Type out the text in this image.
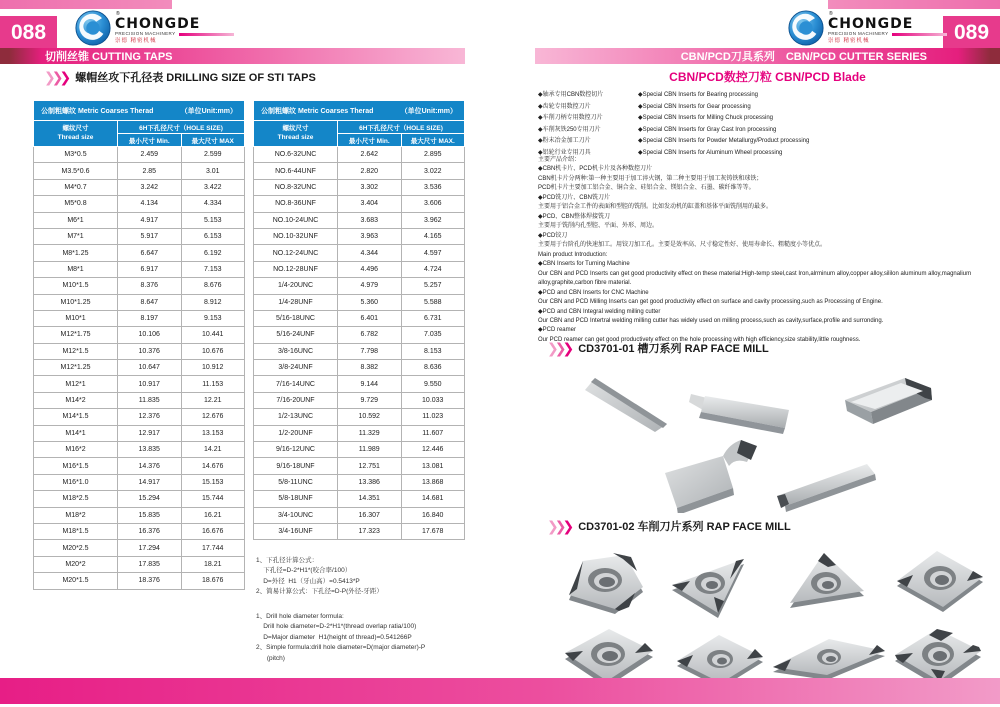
088	089
®
CHONGDE
PRECISION MACHINERY
崇德 精密机械
®
CHONGDE
PRECISION MACHINERY
崇德 精密机械
切削丝锥 CUTTING TAPS	CBN/PCD刀具系列　CBN/PCD CUTTER SERIES
❯❯❯ 螺帽丝攻下孔径表 DRILLING SIZE OF STI TAPS
公制粗螺纹 Metric Coarses Therad （单位Unit:mm）		

螺纹尺寸
Thread size	6H下孔径尺寸（HOLE SIZE)	
	最小尺寸 Min.	最大尺寸 MAX
M3*0.5	2.459	2.599
M3.5*0.6	2.85	3.01
M4*0.7	3.242	3.422
M5*0.8	4.134	4.334
M6*1	4.917	5.153
M7*1	5.917	6.153
M8*1.25	6.647	6.192
M8*1	6.917	7.153
M10*1.5	8.376	8.676
M10*1.25	8.647	8.912
M10*1	8.197	9.153
M12*1.75	10.106	10.441
M12*1.5	10.376	10.676
M12*1.25	10.647	10.912
M12*1	10.917	11.153
M14*2	11.835	12.21
M14*1.5	12.376	12.676
M14*1	12.917	13.153
M16*2	13.835	14.21
M16*1.5	14.376	14.676
M16*1.0	14.917	15.153
M18*2.5	15.294	15.744
M18*2	15.835	16.21
M18*1.5	16.376	16.676
M20*2.5	17.294	17.744
M20*2	17.835	18.21
M20*1.5	18.376	18.676
公制粗螺纹 Metric Coarses Therad （单位Unit:mm）		

螺纹尺寸
Thread size	6H下孔径尺寸（HOLE SIZE)	
	最小尺寸 Min.	最大尺寸 MAX.
NO.6-32UNC	2.642	2.895
NO.6-44UNF	2.820	3.022
NO.8-32UNC	3.302	3.536
NO.8-36UNF	3.404	3.606
NO.10-24UNC	3.683	3.962
NO.10-32UNF	3.963	4.165
NO.12-24UNC	4.344	4.597
NO.12-28UNF	4.496	4.724
1/4-20UNC	4.979	5.257
1/4-28UNF	5.360	5.588
5/16-18UNC	6.401	6.731
5/16-24UNF	6.782	7.035
3/8-16UNC	7.798	8.153
3/8-24UNF	8.382	8.636
7/16-14UNC	9.144	9.550
7/16-20UNF	9.729	10.033
1/2-13UNC	10.592	11.023
1/2-20UNF	11.329	11.607
9/16-12UNC	11.989	12.446
9/16-18UNF	12.751	13.081
5/8-11UNC	13.386	13.868
5/8-18UNF	14.351	14.681
3/4-10UNC	16.307	16.840
3/4-16UNF	17.323	17.678
1、下孔径计算公式：
下孔径=D-2*H1*(咬合率/100）
D=外径  H1（牙山高）=0.5413*P
2、简易计算公式：下孔径=D-P(外径-牙距）
1、Drill hole diameter formula:
Drill hole diameter=D-2*H1*(thread overlap ratia/100)
D=Major diameter  H1(height of thread)=0.541266P
2、Simple formula:drill hole diameter=D(major diameter)-P
(pitch)
CBN/PCD数控刀粒 CBN/PCD Blade
◆轴承专用CBN数控切片
◆齿轮专用数控刀片
◆车削刀柄专用数控刀片
◆车削灰铁250专用刀片
◆粉末冶金加工刀片
◆铝轮行业专用刀具
◆Special CBN Inserts for Bearing processing
◆Special CBN Inserts for Gear processing
◆Special CBN Inserts for Milling Chuck processing
◆Special CBN Inserts for Gray Cast Iron processing
◆Special CBN Inserts for Powder Metallurgy/Product processing
◆Special CBN Inserts for Aluminum Wheel processing
主要产品介绍：
◆CBN机卡片、PCD机卡片及各种数控刀片
CBN机卡片分两种:第一种主要用于加工淬火钢，第二种主要用于加工灰铸铁和球铁；
PCD机卡片主要加工铝合金、铜合金、硅铝合金、镁铝合金、石墨、碳纤维等等。
◆PCD铣刀片、CBN铣刀片
主要用于铝合金工件的表面和型腔的铣削。比如发动机的缸盖和基体平面铣削用的最多。
◆PCD、CBN整体焊接铣刀
主要用于铣削内孔型腔、平面、外形、周边。
◆PCD铰刀
主要用于台阶孔的快速加工。用铰刀加工孔。主要是效率高、尺寸稳定性好、使用寿命长、粗糙度小等优点。
Main product Introduction:
◆CBN Inserts for Turning Machine
Our CBN and PCD Inserts can get good productivity effect on these material:High-temp steel,cast Iron,alrminum alloy,copper alloy,sililon aluminum alloy,magnalium alloy,graphite,carbon fibre material.
◆PCD and CBN Inserts for CNC Machine
Our CBN and PCD Milling Inserts can get good productivity effect on surface and cavity processing,such as Processing of Engine.
◆PCD and CBN Integral welding milling cutter
Our CBN and PCD Intertral welding milling cutter has widely used on milling process,such as cavity,surface,profile and surronding.
◆PCD reamer
Our PCD reamer can get good productivety effect on the hole processing with high efficiency,size stability,little roughness.
❯❯❯ CD3701-01 槽刀系列 RAP FACE MILL
❯❯❯ CD3701-02 车削刀片系列 RAP FACE MILL
